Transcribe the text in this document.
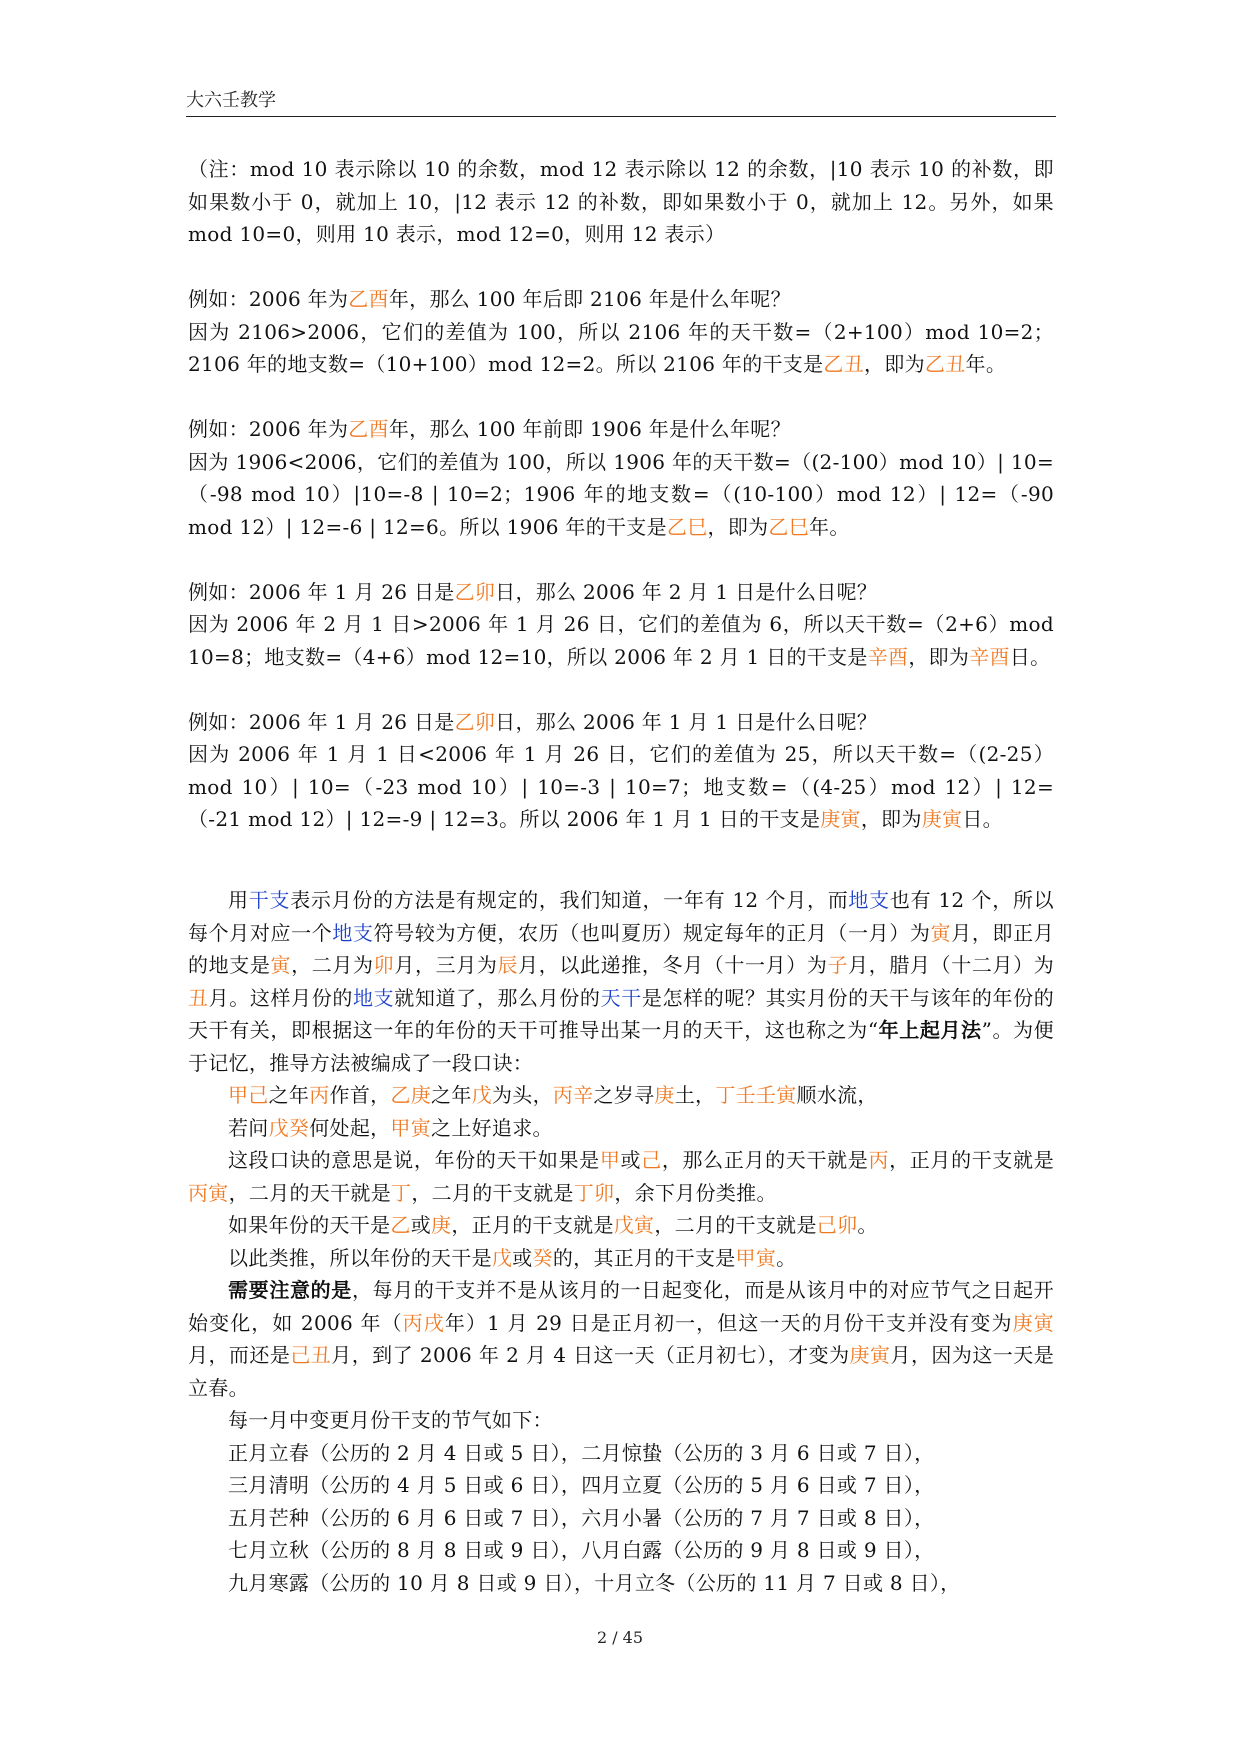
大六壬教学

（注：mod 10 表示除以 10 的余数，mod 12 表示除以 12 的余数，|10 表示 10 的补数，即如果数小于 0，就加上 10，|12 表示 12 的补数，即如果数小于 0，就加上 12。另外，如果 mod 10=0，则用 10 表示，mod 12=0，则用 12 表示）

例如：2006 年为乙酉年，那么 100 年后即 2106 年是什么年呢？

因为 2106>2006，它们的差值为 100，所以 2106 年的天干数=（2+100）mod 10=2；2106 年的地支数=（10+100）mod 12=2。所以 2106 年的干支是乙丑，即为乙丑年。

例如：2006 年为乙酉年，那么 100 年前即 1906 年是什么年呢？

因为 1906<2006，它们的差值为 100，所以 1906 年的天干数=（(2-100）mod 10）| 10=（-98 mod 10）|10=-8 | 10=2；1906 年的地支数=（(10-100）mod 12）| 12=（-90 mod 12）| 12=-6 | 12=6。所以 1906 年的干支是乙巳，即为乙巳年。

例如：2006 年 1 月 26 日是乙卯日，那么 2006 年 2 月 1 日是什么日呢？

因为 2006 年 2 月 1 日>2006 年 1 月 26 日，它们的差值为 6，所以天干数=（2+6）mod 10=8；地支数=（4+6）mod 12=10，所以 2006 年 2 月 1 日的干支是辛酉，即为辛酉日。

例如：2006 年 1 月 26 日是乙卯日，那么 2006 年 1 月 1 日是什么日呢？

因为 2006 年 1 月 1 日<2006 年 1 月 26 日，它们的差值为 25，所以天干数=（(2-25）mod 10）| 10=（-23 mod 10）| 10=-3 | 10=7；地支数=（(4-25）mod 12）| 12=（-21 mod 12）| 12=-9 | 12=3。所以 2006 年 1 月 1 日的干支是庚寅，即为庚寅日。

用干支表示月份的方法是有规定的，我们知道，一年有 12 个月，而地支也有 12 个，所以每个月对应一个地支符号较为方便，农历（也叫夏历）规定每年的正月（一月）为寅月，即正月的地支是寅，二月为卯月，三月为辰月，以此递推，冬月（十一月）为子月，腊月（十二月）为丑月。这样月份的地支就知道了，那么月份的天干是怎样的呢？其实月份的天干与该年的年份的天干有关，即根据这一年的年份的天干可推导出某一月的天干，这也称之为“年上起月法”。为便于记忆，推导方法被编成了一段口诀：

甲己之年丙作首，乙庚之年戊为头，丙辛之岁寻庚土，丁壬壬寅顺水流，

若问戊癸何处起，甲寅之上好追求。

这段口诀的意思是说，年份的天干如果是甲或己，那么正月的天干就是丙，正月的干支就是丙寅，二月的天干就是丁，二月的干支就是丁卯，余下月份类推。

如果年份的天干是乙或庚，正月的干支就是戊寅，二月的干支就是己卯。

以此类推，所以年份的天干是戊或癸的，其正月的干支是甲寅。

需要注意的是，每月的干支并不是从该月的一日起变化，而是从该月中的对应节气之日起开始变化，如 2006 年（丙戌年）1 月 29 日是正月初一，但这一天的月份干支并没有变为庚寅月，而还是己丑月，到了 2006 年 2 月 4 日这一天（正月初七），才变为庚寅月，因为这一天是立春。

每一月中变更月份干支的节气如下：

正月立春（公历的 2 月 4 日或 5 日），二月惊蛰（公历的 3 月 6 日或 7 日），

三月清明（公历的 4 月 5 日或 6 日），四月立夏（公历的 5 月 6 日或 7 日），

五月芒种（公历的 6 月 6 日或 7 日），六月小暑（公历的 7 月 7 日或 8 日），

七月立秋（公历的 8 月 8 日或 9 日），八月白露（公历的 9 月 8 日或 9 日），

九月寒露（公历的 10 月 8 日或 9 日），十月立冬（公历的 11 月 7 日或 8 日），

2 / 45
